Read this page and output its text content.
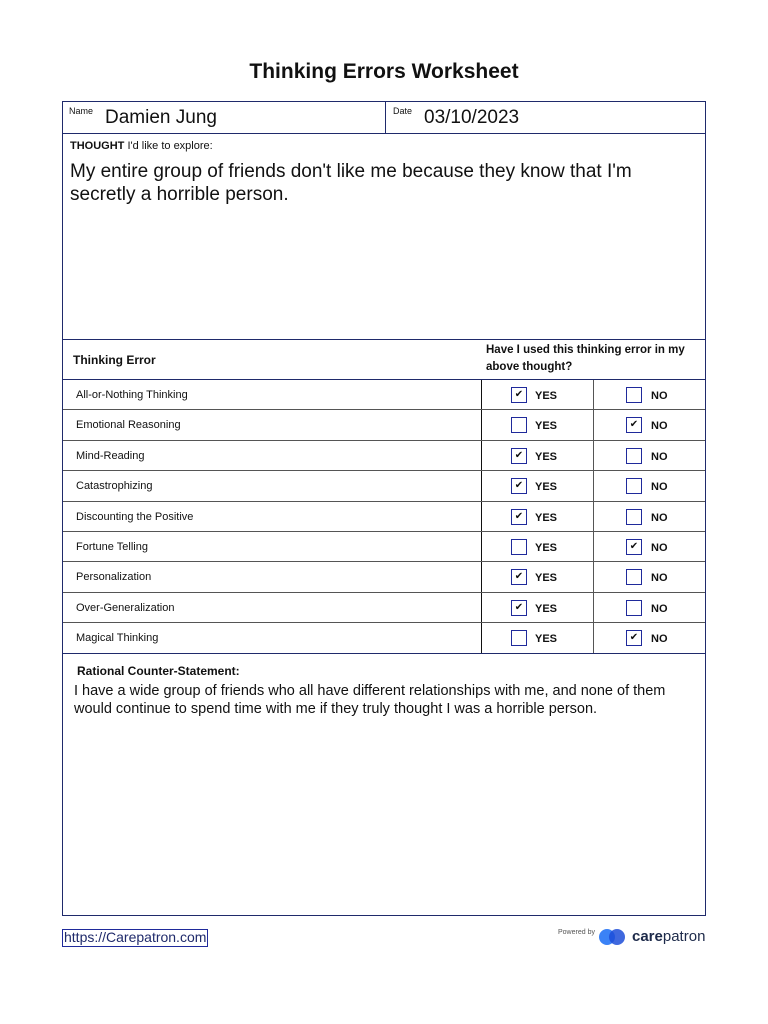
Thinking Errors Worksheet
Name Damien Jung	Date 03/10/2023
THOUGHT I'd like to explore:
My entire group of friends don't like me because they know that I'm secretly a horrible person.
Thinking Error
Have I used this thinking error in my above thought?
All-or-Nothing Thinking	✔	YES	NO
Emotional Reasoning	YES	✔	NO
Mind-Reading	✔	YES	NO
Catastrophizing	✔	YES	NO
Discounting the Positive	✔	YES	NO
Fortune Telling	YES	✔	NO
Personalization	✔	YES	NO
Over-Generalization	✔	YES	NO
Magical Thinking	YES	✔	NO
Rational Counter-Statement:
I have a wide group of friends who all have different relationships with me, and none of them would continue to spend time with me if they truly thought I was a horrible person.
https://Carepatron.com	Powered by carepatron
